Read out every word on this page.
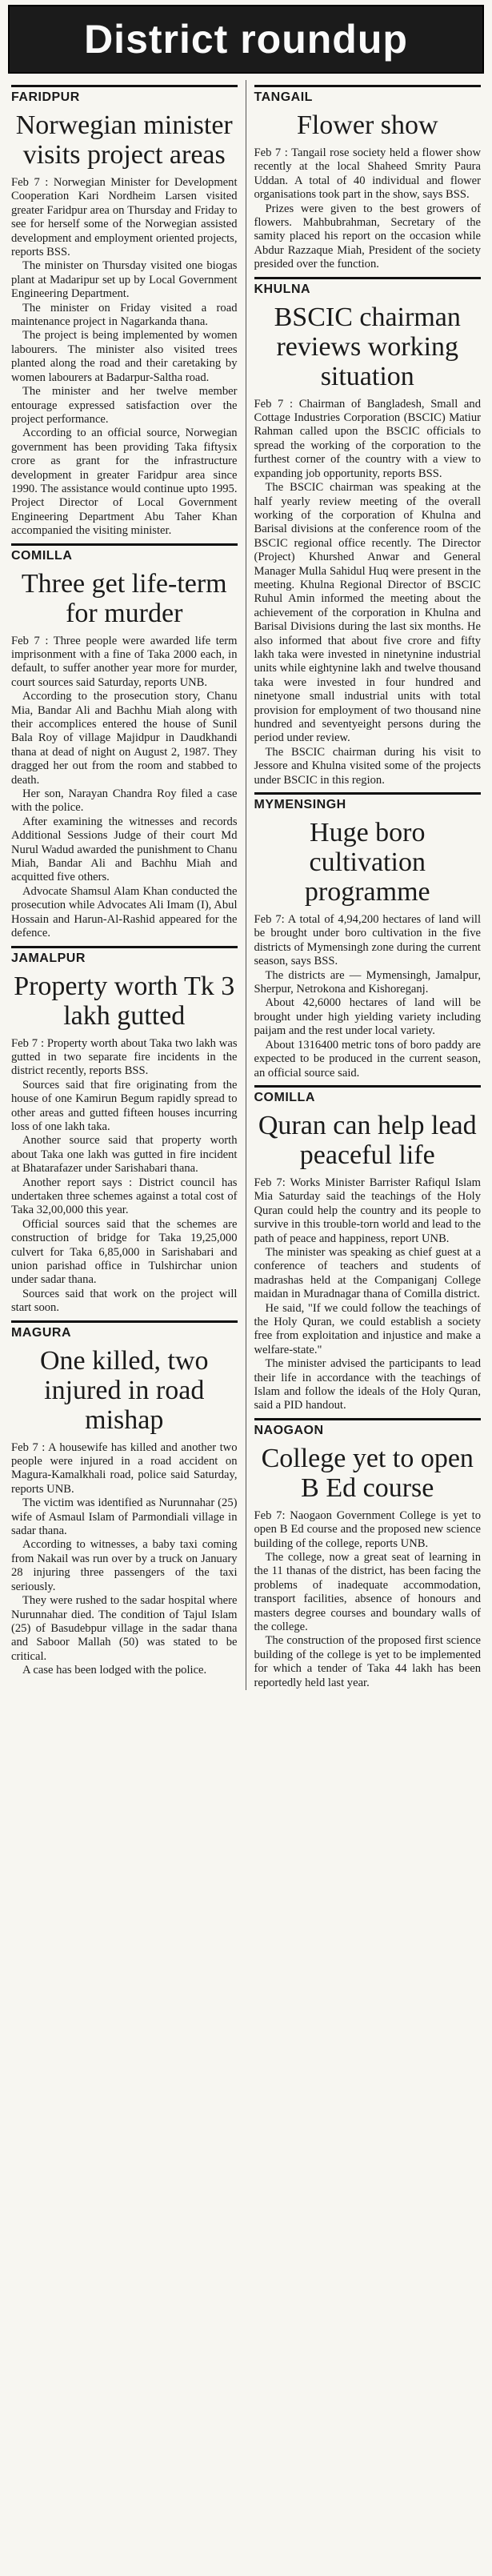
District roundup
FARIDPUR
Norwegian minister visits project areas

Feb 7 : Norwegian Minister for Development Cooperation Kari Nordheim Larsen visited greater Faridpur area on Thursday and Friday to see for herself some of the Norwegian assisted development and employment oriented projects, reports BSS.

The minister on Thursday visited one biogas plant at Madaripur set up by Local Government Engineering Department.

The minister on Friday visited a road maintenance project in Nagarkanda thana.

The project is being implemented by women labourers. The minister also visited trees planted along the road and their caretaking by women labourers at Badarpur-Saltha road.

The minister and her twelve member entourage expressed satisfaction over the project performance.

According to an official source, Norwegian government has been providing Taka fiftysix crore as grant for the infrastructure development in greater Faridpur area since 1990. The assistance would continue upto 1995. Project Director of Local Government Engineering Department Abu Taher Khan accompanied the visiting minister.

COMILLA
Three get life-term for murder

Feb 7 : Three people were awarded life term imprisonment with a fine of Taka 2000 each, in default, to suffer another year more for murder, court sources said Saturday, reports UNB.

According to the prosecution story, Chanu Mia, Bandar Ali and Bachhu Miah along with their accomplices entered the house of Sunil Bala Roy of village Majidpur in Daudkhandi thana at dead of night on August 2, 1987. They dragged her out from the room and stabbed to death.

Her son, Narayan Chandra Roy filed a case with the police.

After examining the witnesses and records Additional Sessions Judge of their court Md Nurul Wadud awarded the punishment to Chanu Miah, Bandar Ali and Bachhu Miah and acquitted five others.

Advocate Shamsul Alam Khan conducted the prosecution while Advocates Ali Imam (I), Abul Hossain and Harun-Al-Rashid appeared for the defence.

JAMALPUR
Property worth Tk 3 lakh gutted

Feb 7 : Property worth about Taka two lakh was gutted in two separate fire incidents in the district recently, reports BSS.

Sources said that fire originating from the house of one Kamirun Begum rapidly spread to other areas and gutted fifteen houses incurring loss of one lakh taka.

Another source said that property worth about Taka one lakh was gutted in fire incident at Bhatarafazer under Sarishabari thana.

Another report says : District council has undertaken three schemes against a total cost of Taka 32,00,000 this year.

Official sources said that the schemes are construction of bridge for Taka 19,25,000 culvert for Taka 6,85,000 in Sarishabari and union parishad office in Tulshirchar union under sadar thana.

Sources said that work on the project will start soon.

MAGURA
One killed, two injured in road mishap

Feb 7 : A housewife has killed and another two people were injured in a road accident on Magura-Kamalkhali road, police said Saturday, reports UNB.

The victim was identified as Nurunnahar (25) wife of Asmaul Islam of Parmondiali village in sadar thana.

According to witnesses, a baby taxi coming from Nakail was run over by a truck on January 28 injuring three passengers of the taxi seriously.

They were rushed to the sadar hospital where Nurunnahar died. The condition of Tajul Islam (25) of Basudebpur village in the sadar thana and Saboor Mallah (50) was stated to be critical.

A case has been lodged with the police.

TANGAIL
Flower show

Feb 7 : Tangail rose society held a flower show recently at the local Shaheed Smrity Paura Uddan. A total of 40 individual and flower organisations took part in the show, says BSS.

Prizes were given to the best growers of flowers. Mahbubrahman, Secretary of the samity placed his report on the occasion while Abdur Razzaque Miah, President of the society presided over the function.

KHULNA
BSCIC chairman reviews working situation

Feb 7 : Chairman of Bangladesh, Small and Cottage Industries Corporation (BSCIC) Matiur Rahman called upon the BSCIC officials to spread the working of the corporation to the furthest corner of the country with a view to expanding job opportunity, reports BSS.

The BSCIC chairman was speaking at the half yearly review meeting of the overall working of the corporation of Khulna and Barisal divisions at the conference room of the BSCIC regional office recently. The Director (Project) Khurshed Anwar and General Manager Mulla Sahidul Huq were present in the meeting. Khulna Regional Director of BSCIC Ruhul Amin informed the meeting about the achievement of the corporation in Khulna and Barisal Divisions during the last six months. He also informed that about five crore and fifty lakh taka were invested in ninetynine industrial units while eightynine lakh and twelve thousand taka were invested in four hundred and ninetyone small industrial units with total provision for employment of two thousand nine hundred and seventyeight persons during the period under review.

The BSCIC chairman during his visit to Jessore and Khulna visited some of the projects under BSCIC in this region.

MYMENSINGH
Huge boro cultivation programme

Feb 7: A total of 4,94,200 hectares of land will be brought under boro cultivation in the five districts of Mymensingh zone during the current season, says BSS.

The districts are — Mymensingh, Jamalpur, Sherpur, Netrokona and Kishoreganj.

About 42,6000 hectares of land will be brought under high yielding variety including paijam and the rest under local variety.

About 1316400 metric tons of boro paddy are expected to be produced in the current season, an official source said.

COMILLA
Quran can help lead peaceful life

Feb 7: Works Minister Barrister Rafiqul Islam Mia Saturday said the teachings of the Holy Quran could help the country and its people to survive in this trouble-torn world and lead to the path of peace and happiness, report UNB.

The minister was speaking as chief guest at a conference of teachers and students of madrashas held at the Companiganj College maidan in Muradnagar thana of Comilla district.

He said, "If we could follow the teachings of the Holy Quran, we could establish a society free from exploitation and injustice and make a welfare-state."

The minister advised the participants to lead their life in accordance with the teachings of Islam and follow the ideals of the Holy Quran, said a PID handout.

NAOGAON
College yet to open B Ed course

Feb 7: Naogaon Government College is yet to open B Ed course and the proposed new science building of the college, reports UNB.

The college, now a great seat of learning in the 11 thanas of the district, has been facing the problems of inadequate accommodation, transport facilities, absence of honours and masters degree courses and boundary walls of the college.

The construction of the proposed first science building of the college is yet to be implemented for which a tender of Taka 44 lakh has been reportedly held last year.
